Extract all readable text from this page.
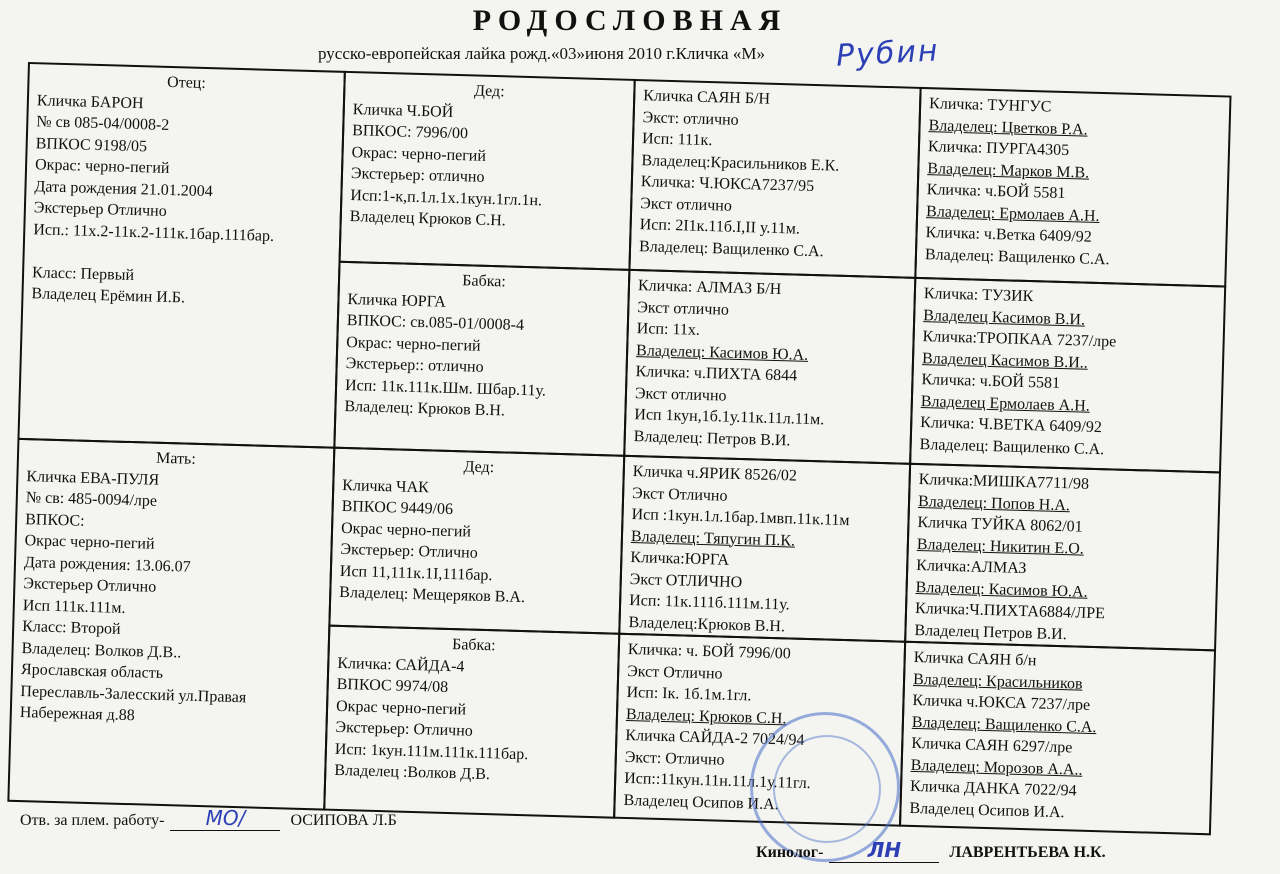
РОДОСЛОВНАЯ
русско-европейская лайка рожд.«03»июня 2010 г.Кличка «М» Рубин
Отец:
Кличка БАРОН
№ св 085-04/0008-2
ВПКОС 9198/05
Окрас: черно-пегий
Дата рождения 21.01.2004
Экстерьер Отлично
Исп.: 11х.2-11к.2-111к.1бар.111бар.

Класс: Первый
Владелец Ерёмин И.Б.
Мать:
Кличка ЕВА-ПУЛЯ
№ св: 485-0094/лре
ВПКОС:
Окрас черно-пегий
Дата рождения: 13.06.07
Экстерьер Отлично
Исп 111к.111м.
Класс: Второй
Владелец: Волков Д.В..
Ярославская область
Переславль-Залесский ул.Правая
Набережная д.88
Дед:
Кличка Ч.БОЙ
ВПКОС: 7996/00
Окрас: черно-пегий
Экстерьер: отлично
Исп:1-к,п.1л.1х.1кун.1гл.1н.
Владелец Крюков С.Н.
Бабка:
Кличка ЮРГА
ВПКОС: св.085-01/0008-4
Окрас: черно-пегий
Экстерьер:: отлично
Исп: 11к.111к.Шм. Шбар.11у.
Владелец: Крюков В.Н.
Дед:
Кличка ЧАК
ВПКОС 9449/06
Окрас черно-пегий
Экстерьер: Отлично
Исп 11,111к.1I,111бар.
Владелец: Мещеряков В.А.
Бабка:
Кличка: САЙДА-4
ВПКОС 9974/08
Окрас черно-пегий
Экстерьер: Отлично
Исп: 1кун.111м.111к.111бар.
Владелец :Волков Д.В.
Кличка САЯН Б/Н
Экст: отлично
Исп: 111к.
Владелец:Красильников Е.К.
Кличка: Ч.ЮКСА7237/95
Экст отлично
Исп: 2I1к.11б.I,II у.11м.
Владелец: Ващиленко С.А.
Кличка: АЛМАЗ Б/Н
Экст отлично
Исп: 11х.
Владелец: Касимов Ю.А.
Кличка: ч.ПИХТА 6844
Экст отлично
Исп 1кун,1б.1у.11к.11л.11м.
Владелец: Петров В.И.
Кличка ч.ЯРИК 8526/02
Экст Отлично
Исп :1кун.1л.1бар.1мвп.11к.11м
Владелец: Тяпугин П.К.
Кличка:ЮРГА
Экст ОТЛИЧНО
Исп: 11к.111б.111м.11у.
Владелец:Крюков В.Н.
Кличка: ч. БОЙ 7996/00
Экст Отлично
Исп: Iк. 1б.1м.1гл.
Владелец: Крюков С.Н.
Кличка САЙДА-2 7024/94
Экст: Отлично
Исп::11кун.11н.11л.1у.11гл.
Владелец Осипов И.А.
Кличка: ТУНГУС
Владелец: Цветков Р.А.
Кличка: ПУРГА4305
Владелец: Марков М.В.
Кличка: ч.БОЙ 5581
Владелец: Ермолаев А.Н.
Кличка: ч.Ветка 6409/92
Владелец: Ващиленко С.А.
Кличка: ТУЗИК
Владелец Касимов В.И.
Кличка:ТРОПКАА 7237/лре
Владелец Касимов В.И..
Кличка: ч.БОЙ 5581
Владелец Ермолаев А.Н.
Кличка: Ч.ВЕТКА 6409/92
Владелец: Ващиленко С.А.
Кличка:МИШКА7711/98
Владелец: Попов Н.А.
Кличка ТУЙКА 8062/01
Владелец: Никитин Е.О.
Кличка:АЛМАЗ
Владелец: Касимов Ю.А.
Кличка:Ч.ПИХТА6884/ЛРЕ
Владелец Петров В.И.
Кличка САЯН б/н
Владелец: Красильников
Кличка ч.ЮКСА 7237/лре
Владелец: Ващиленко С.А.
Кличка САЯН 6297/лре
Владелец: Морозов А.А..
Кличка ДАНКА 7022/94
Владелец Осипов И.А.
Отв. за плем. работу- МО/	ОСИПОВА Л.Б
Кинолог- ЛН	ЛАВРЕНТЬЕВА Н.К.
